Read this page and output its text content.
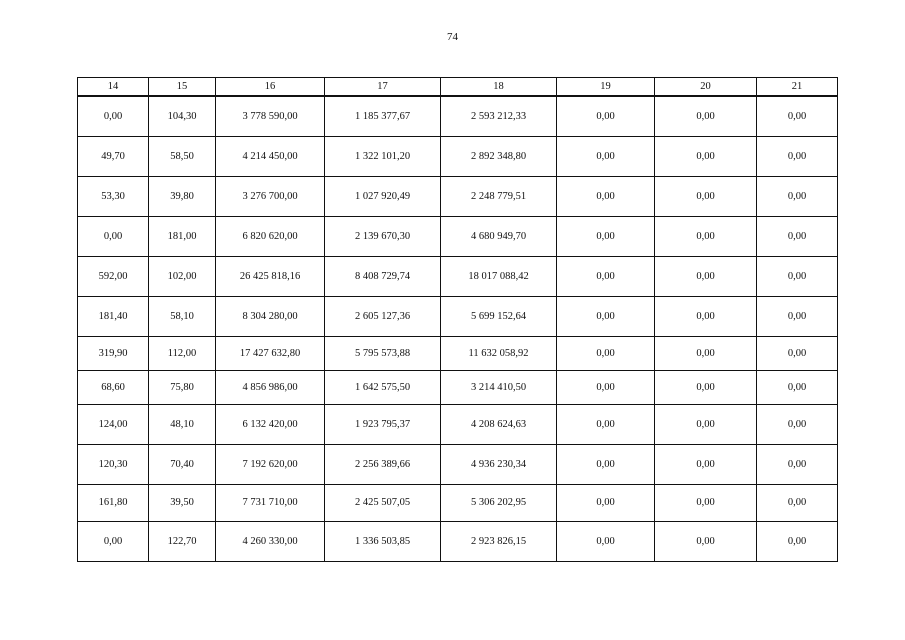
74
14	15	16	17	18	19	20	21
0,00	104,30	3 778 590,00	1 185 377,67	2 593 212,33	0,00	0,00	0,00
49,70	58,50	4 214 450,00	1 322 101,20	2 892 348,80	0,00	0,00	0,00
53,30	39,80	3 276 700,00	1 027 920,49	2 248 779,51	0,00	0,00	0,00
0,00	181,00	6 820 620,00	2 139 670,30	4 680 949,70	0,00	0,00	0,00
592,00	102,00	26 425 818,16	8 408 729,74	18 017 088,42	0,00	0,00	0,00
181,40	58,10	8 304 280,00	2 605 127,36	5 699 152,64	0,00	0,00	0,00
319,90	112,00	17 427 632,80	5 795 573,88	11 632 058,92	0,00	0,00	0,00
68,60	75,80	4 856 986,00	1 642 575,50	3 214 410,50	0,00	0,00	0,00
124,00	48,10	6 132 420,00	1 923 795,37	4 208 624,63	0,00	0,00	0,00
120,30	70,40	7 192 620,00	2 256 389,66	4 936 230,34	0,00	0,00	0,00
161,80	39,50	7 731 710,00	2 425 507,05	5 306 202,95	0,00	0,00	0,00
0,00	122,70	4 260 330,00	1 336 503,85	2 923 826,15	0,00	0,00	0,00
